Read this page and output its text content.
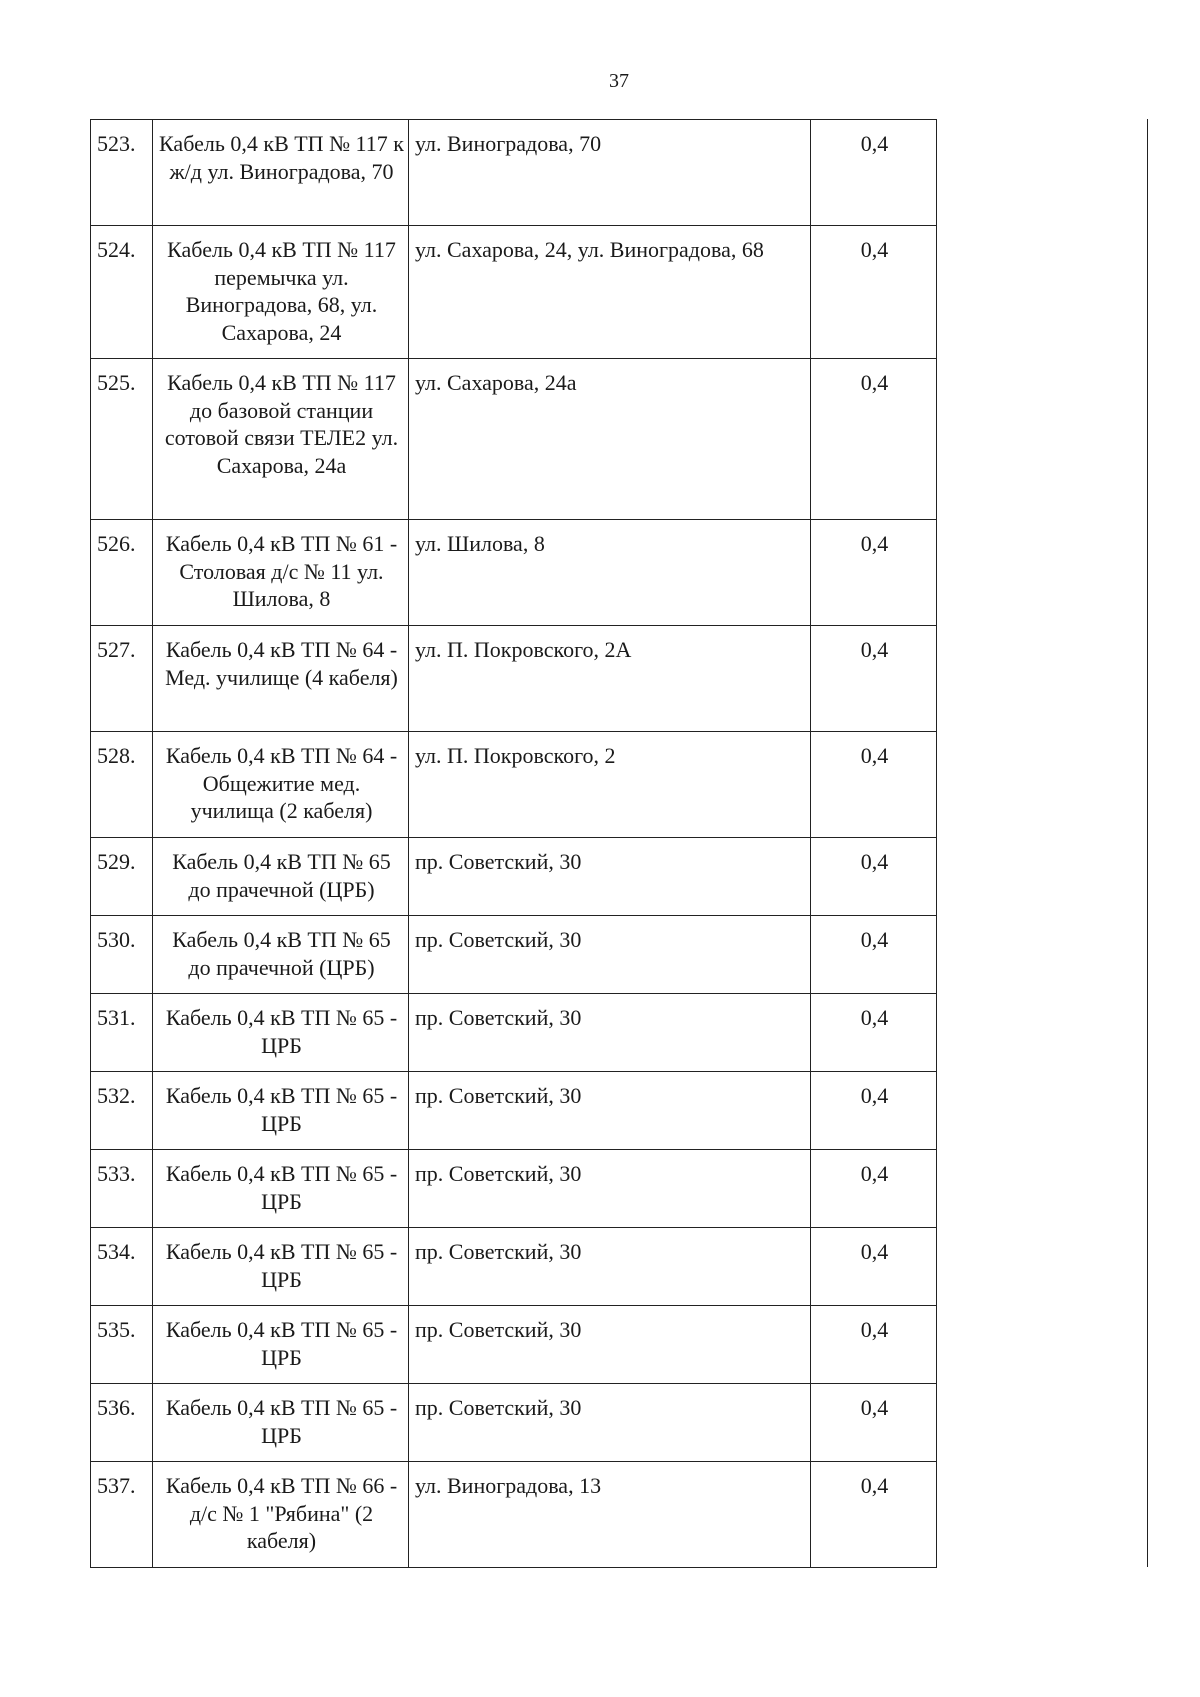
37
523.	Кабель 0,4 кВ ТП № 117 к ж/д ул. Виноградова, 70	ул. Виноградова, 70	0,4
524.	Кабель 0,4 кВ ТП № 117 перемычка ул. Виноградова, 68, ул. Сахарова, 24	ул. Сахарова, 24, ул. Виноградова, 68	0,4
525.	Кабель 0,4 кВ ТП № 117 до базовой станции сотовой связи ТЕЛЕ2 ул. Сахарова, 24а	ул. Сахарова, 24а	0,4
526.	Кабель 0,4 кВ ТП № 61 - Столовая д/с № 11 ул. Шилова, 8	ул. Шилова, 8	0,4
527.	Кабель 0,4 кВ ТП № 64 - Мед. училище (4 кабеля)	ул. П. Покровского, 2А	0,4
528.	Кабель 0,4 кВ ТП № 64 - Общежитие мед. училища (2 кабеля)	ул. П. Покровского, 2	0,4
529.	Кабель 0,4 кВ ТП № 65 до прачечной (ЦРБ)	пр. Советский, 30	0,4
530.	Кабель 0,4 кВ ТП № 65 до прачечной (ЦРБ)	пр. Советский, 30	0,4
531.	Кабель 0,4 кВ ТП № 65 - ЦРБ	пр. Советский, 30	0,4
532.	Кабель 0,4 кВ ТП № 65 - ЦРБ	пр. Советский, 30	0,4
533.	Кабель 0,4 кВ ТП № 65 - ЦРБ	пр. Советский, 30	0,4
534.	Кабель 0,4 кВ ТП № 65 - ЦРБ	пр. Советский, 30	0,4
535.	Кабель 0,4 кВ ТП № 65 - ЦРБ	пр. Советский, 30	0,4
536.	Кабель 0,4 кВ ТП № 65 - ЦРБ	пр. Советский, 30	0,4
537.	Кабель 0,4 кВ ТП № 66 - д/с № 1 "Рябина" (2 кабеля)	ул. Виноградова, 13	0,4
